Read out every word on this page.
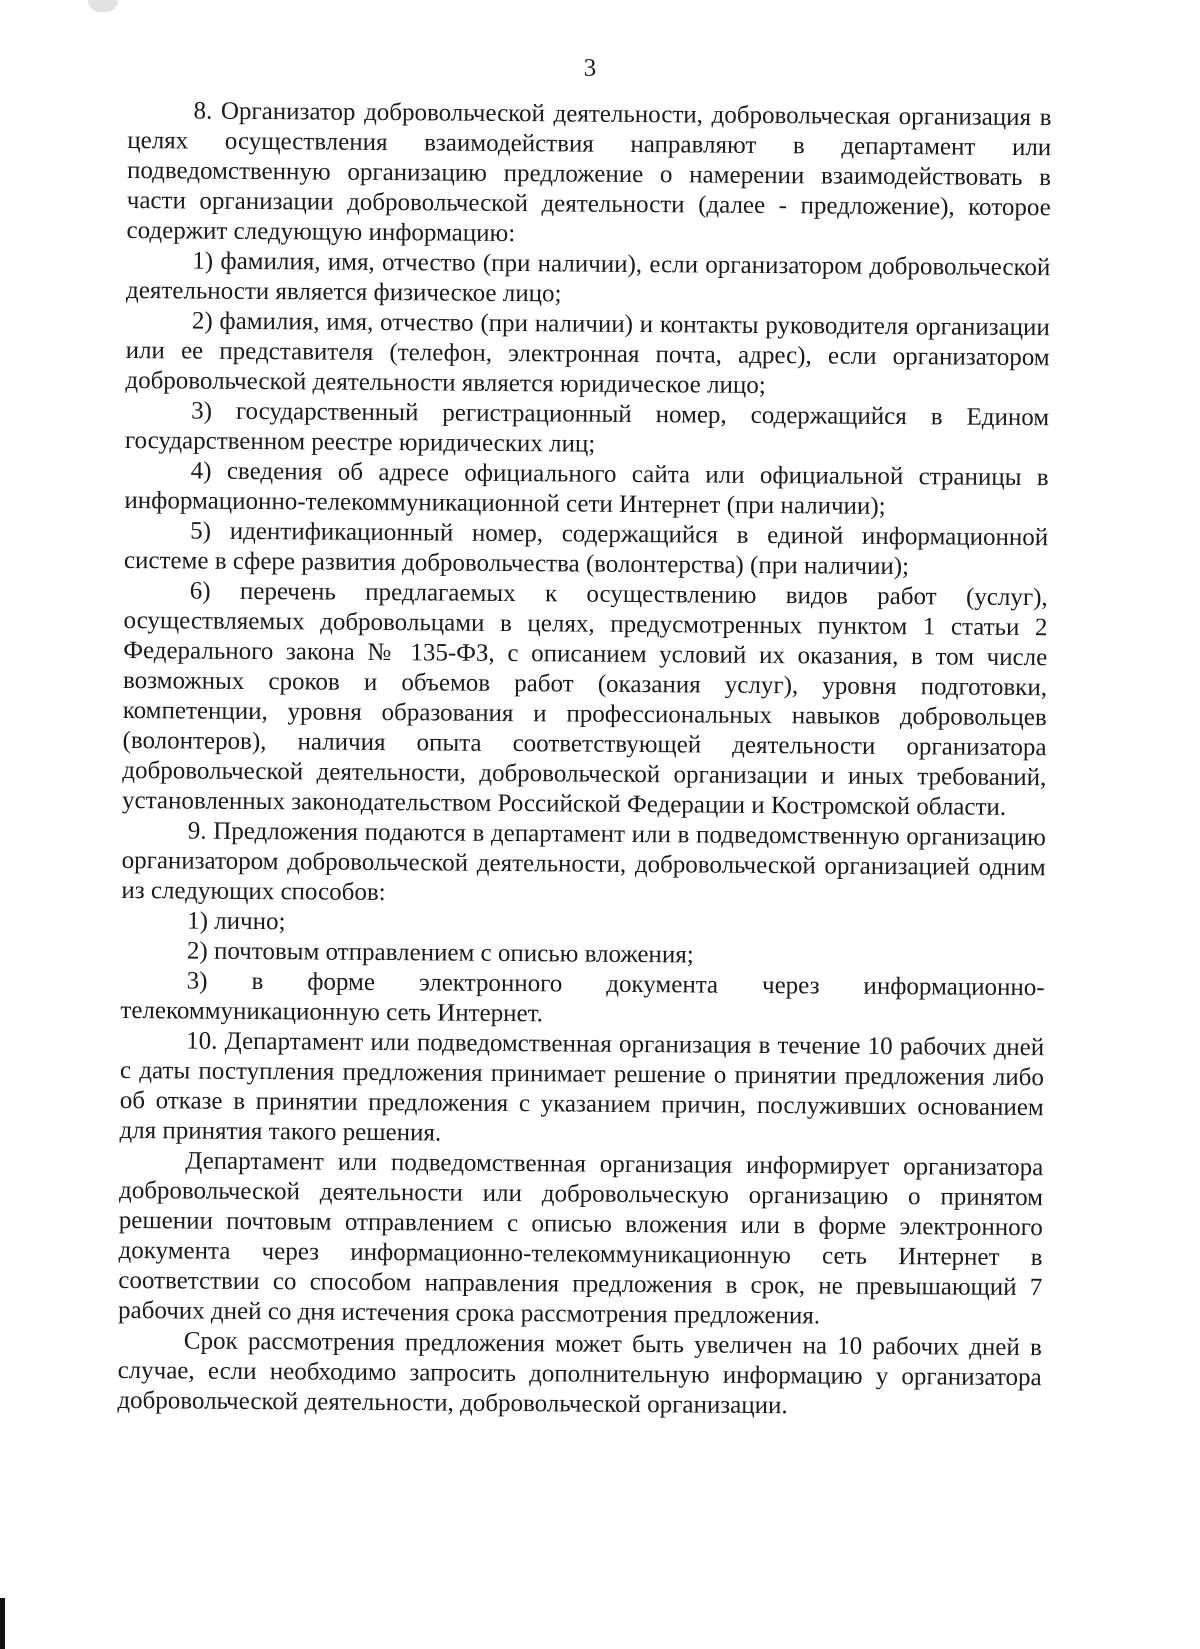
3

8. Организатор добровольческой деятельности, добровольческая организация в целях осуществления взаимодействия направляют в департамент или подведомственную организацию предложение о намерении взаимодействовать в части организации добровольческой деятельности (далее - предложение), которое содержит следующую информацию:

1) фамилия, имя, отчество (при наличии), если организатором добровольческой деятельности является физическое лицо;

2) фамилия, имя, отчество (при наличии) и контакты руководителя организации или ее представителя (телефон, электронная почта, адрес), если организатором добровольческой деятельности является юридическое лицо;

3) государственный регистрационный номер, содержащийся в Едином государственном реестре юридических лиц;

4) сведения об адресе официального сайта или официальной страницы в информационно-телекоммуникационной сети Интернет (при наличии);

5) идентификационный номер, содержащийся в единой информационной системе в сфере развития добровольчества (волонтерства) (при наличии);

6) перечень предлагаемых к осуществлению видов работ (услуг), осуществляемых добровольцами в целях, предусмотренных пунктом 1 статьи 2 Федерального закона № 135-ФЗ, с описанием условий их оказания, в том числе возможных сроков и объемов работ (оказания услуг), уровня подготовки, компетенции, уровня образования и профессиональных навыков добровольцев (волонтеров), наличия опыта соответствующей деятельности организатора добровольческой деятельности, добровольческой организации и иных требований, установленных законодательством Российской Федерации и Костромской области.

9. Предложения подаются в департамент или в подведомственную организацию организатором добровольческой деятельности, добровольческой организацией одним из следующих способов:

1) лично;

2) почтовым отправлением с описью вложения;

3) в форме электронного документа через информационно-телекоммуникационную сеть Интернет.

10. Департамент или подведомственная организация в течение 10 рабочих дней с даты поступления предложения принимает решение о принятии предложения либо об отказе в принятии предложения с указанием причин, послуживших основанием для принятия такого решения.

Департамент или подведомственная организация информирует организатора добровольческой деятельности или добровольческую организацию о принятом решении почтовым отправлением с описью вложения или в форме электронного документа через информационно-телекоммуникационную сеть Интернет в соответствии со способом направления предложения в срок, не превышающий 7 рабочих дней со дня истечения срока рассмотрения предложения.

Срок рассмотрения предложения может быть увеличен на 10 рабочих дней в случае, если необходимо запросить дополнительную информацию у организатора добровольческой деятельности, добровольческой организации.
